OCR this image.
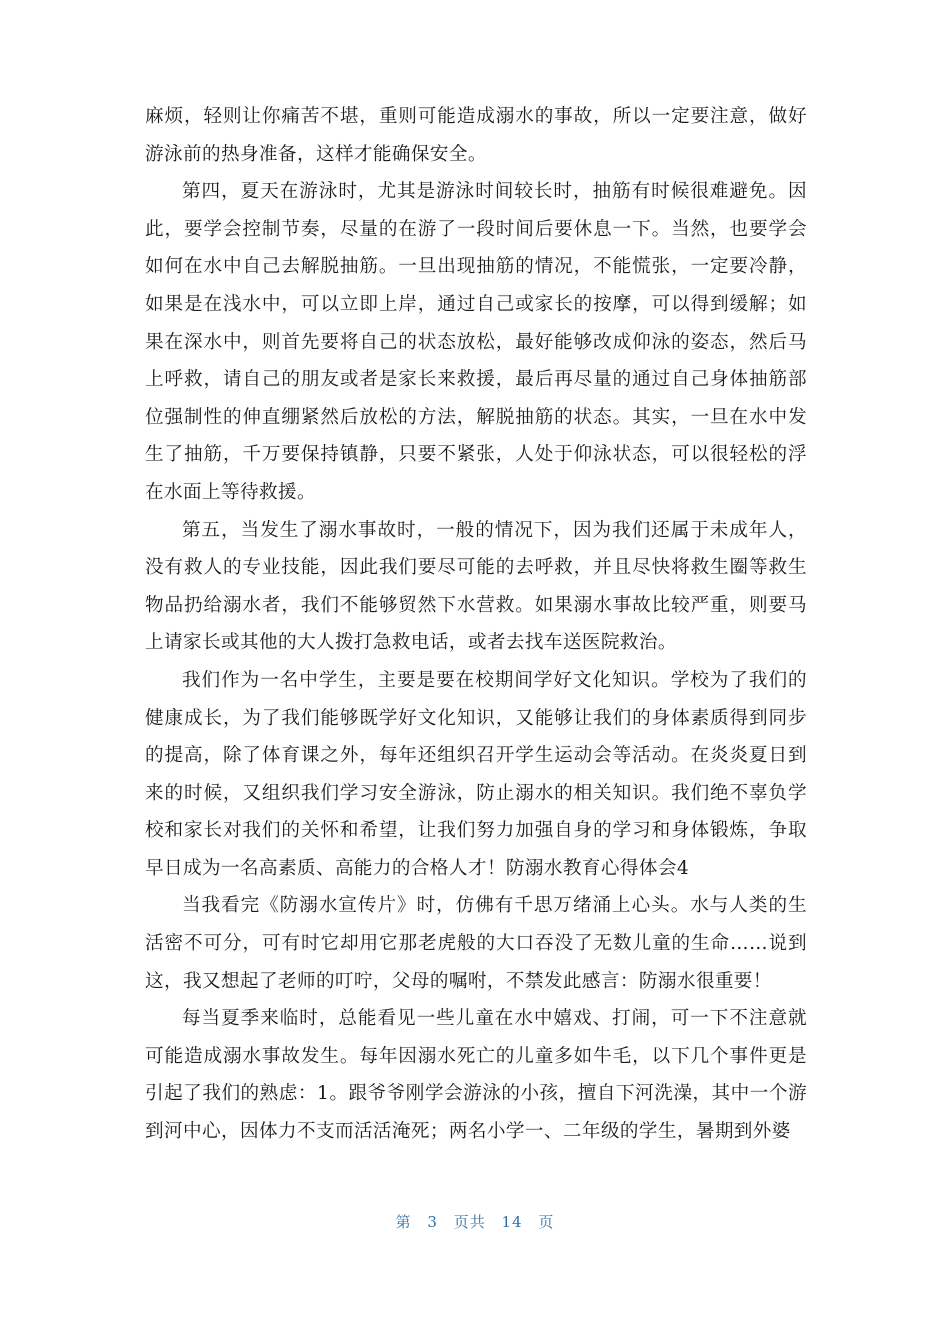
麻烦，轻则让你痛苦不堪，重则可能造成溺水的事故，所以一定要注意，做好游泳前的热身准备，这样才能确保安全。

第四，夏天在游泳时，尤其是游泳时间较长时，抽筋有时候很难避免。因此，要学会控制节奏，尽量的在游了一段时间后要休息一下。当然，也要学会如何在水中自己去解脱抽筋。一旦出现抽筋的情况，不能慌张，一定要冷静，如果是在浅水中，可以立即上岸，通过自己或家长的按摩，可以得到缓解；如果在深水中，则首先要将自己的状态放松，最好能够改成仰泳的姿态，然后马上呼救，请自己的朋友或者是家长来救援，最后再尽量的通过自己身体抽筋部位强制性的伸直绷紧然后放松的方法，解脱抽筋的状态。其实，一旦在水中发生了抽筋，千万要保持镇静，只要不紧张，人处于仰泳状态，可以很轻松的浮在水面上等待救援。

第五，当发生了溺水事故时，一般的情况下，因为我们还属于未成年人，没有救人的专业技能，因此我们要尽可能的去呼救，并且尽快将救生圈等救生物品扔给溺水者，我们不能够贸然下水营救。如果溺水事故比较严重，则要马上请家长或其他的大人拨打急救电话，或者去找车送医院救治。

我们作为一名中学生，主要是要在校期间学好文化知识。学校为了我们的健康成长，为了我们能够既学好文化知识，又能够让我们的身体素质得到同步的提高，除了体育课之外，每年还组织召开学生运动会等活动。在炎炎夏日到来的时候，又组织我们学习安全游泳，防止溺水的相关知识。我们绝不辜负学校和家长对我们的关怀和希望，让我们努力加强自身的学习和身体锻炼，争取早日成为一名高素质、高能力的合格人才！防溺水教育心得体会4

当我看完《防溺水宣传片》时，仿佛有千思万绪涌上心头。水与人类的生活密不可分，可有时它却用它那老虎般的大口吞没了无数儿童的生命……说到这，我又想起了老师的叮咛，父母的嘱咐，不禁发此感言：防溺水很重要！

每当夏季来临时，总能看见一些儿童在水中嬉戏、打闹，可一下不注意就可能造成溺水事故发生。每年因溺水死亡的儿童多如牛毛，以下几个事件更是引起了我们的熟虑：1。跟爷爷刚学会游泳的小孩，擅自下河洗澡，其中一个游到河中心，因体力不支而活活淹死；两名小学一、二年级的学生，暑期到外婆

第 3 页共 14 页
